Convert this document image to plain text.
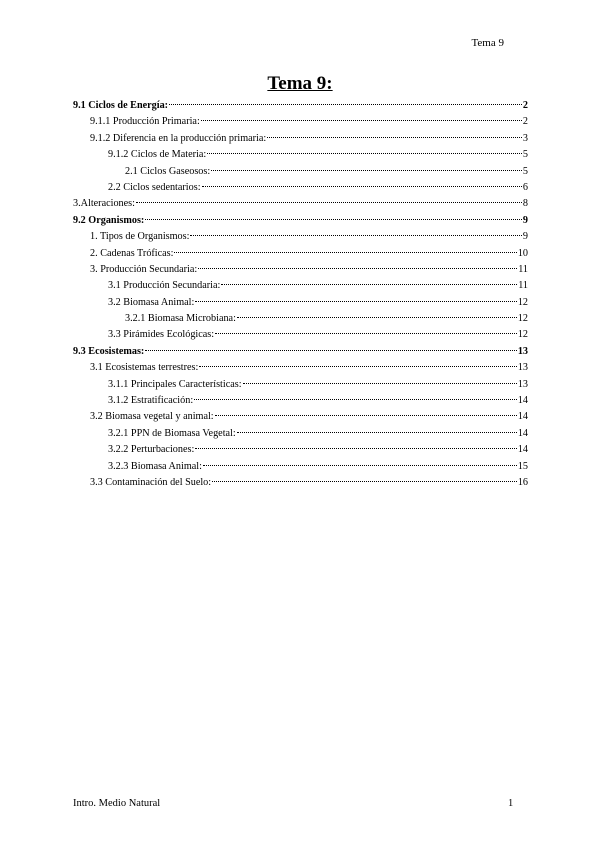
Tema 9
Tema 9:
9.1 Ciclos de Energía:	2
9.1.1 Producción Primaria:	2
9.1.2 Diferencia en la producción primaria:	3
9.1.2 Ciclos de Materia:	5
2.1 Ciclos Gaseosos:	5
2.2 Ciclos sedentarios:	6
3.Alteraciones:	8
9.2 Organismos:	9
1. Tipos de Organismos:	9
2. Cadenas Tróficas:	10
3. Producción Secundaria:	11
3.1 Producción Secundaria:	11
3.2 Biomasa Animal:	12
3.2.1 Biomasa Microbiana:	12
3.3 Pirámides Ecológicas:	12
9.3 Ecosistemas:	13
3.1 Ecosistemas terrestres:	13
3.1.1 Principales Características:	13
3.1.2 Estratificación:	14
3.2 Biomasa vegetal y animal:	14
3.2.1 PPN de Biomasa Vegetal:	14
3.2.2 Perturbaciones:	14
3.2.3 Biomasa Animal:	15
3.3 Contaminación del Suelo:	16
Intro. Medio Natural	1
